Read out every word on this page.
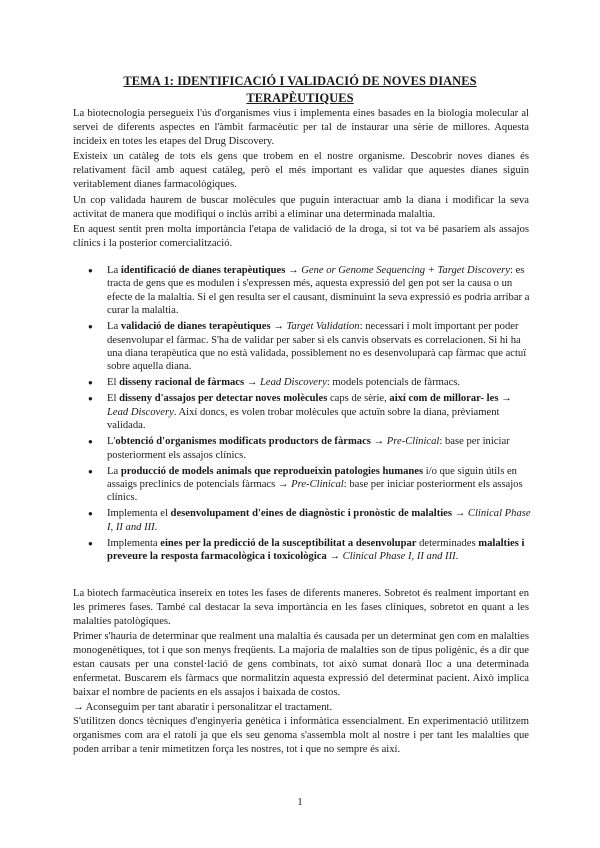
TEMA 1: IDENTIFICACIÓ I VALIDACIÓ DE NOVES DIANES TERAPÈUTIQUES

La biotecnologia persegueix l'ús d'organismes vius i implementa eines basades en la biologia molecular al servei de diferents aspectes en l'àmbit farmacèutic per tal de instaurar una sèrie de millores. Aquesta incideix en totes les etapes del Drug Discovery.

Existeix un catàleg de tots els gens que trobem en el nostre organisme. Descobrir noves dianes és relativament fàcil amb aquest catàleg, però el més important es validar que aquestes dianes siguin veritablement dianes farmacològiques.

Un cop validada haurem de buscar molècules que puguin interactuar amb la diana i modificar la seva activitat de manera que modifiqui o inclús arribi a eliminar una determinada malaltia.

En aquest sentit pren molta importància l'etapa de validació de la droga, si tot va bé pasariem als assajos clínics i la posterior comercialització.

● La identificació de dianes terapèutiques → Gene or Genome Sequencing + Target Discovery: es tracta de gens que es modulen i s'expressen més, aquesta expressió del gen pot ser la causa o un efecte de la malaltia. Si el gen resulta ser el causant, disminuint la seva expressió es podria arribar a curar la malaltia.
● La validació de dianes terapèutiques → Target Validation: necessari i molt important per poder desenvolupar el fàrmac. S'ha de validar per saber si els canvis observats es correlacionen. Si hi ha una diana terapèutica que no està validada, possiblement no es desenvoluparà cap fàrmac que actuï sobre aquella diana.
● El disseny racional de fàrmacs → Lead Discovery: models potencials de fàrmacs.
● El disseny d'assajos per detectar noves molècules caps de sèrie, així com de millorar- les → Lead Discovery. Així doncs, es volen trobar molècules que actuïn sobre la diana, prèviament validada.
● L'obtenció d'organismes modificats productors de fàrmacs → Pre-Clinical: base per iniciar posteriorment els assajos clínics.
● La producció de models animals que reprodueixin patologies humanes i/o que siguin útils en assaigs preclínics de potencials fàrmacs → Pre-Clinical: base per iniciar posteriorment els assajos clínics.
● Implementa el desenvolupament d'eines de diagnòstic i pronòstic de malalties → Clinical Phase I, II and III.
● Implementa eines per la predicció de la susceptibilitat a desenvolupar determinades malalties i preveure la resposta farmacològica i toxicològica → Clinical Phase I, II and III.

La biotech farmacèutica insereix en totes les fases de diferents maneres. Sobretot és realment important en les primeres fases. També cal destacar la seva importància en les fases clíniques, sobretot en quant a les malalties patològiques.

Primer s'hauria de determinar que realment una malaltia és causada per un determinat gen com en malalties monogenètiques, tot i que son menys freqüents. La majoria de malalties son de tipus poligènic, és a dir que estan causats per una constel·lació de gens combinats, tot això sumat donarà lloc a una determinada enfermetat. Buscarem els fàrmacs que normalitzin aquesta expressió del determinat pacient. Això implica baixar el nombre de pacients en els assajos i baixada de costos.

→ Aconseguim per tant abaratir i personalitzar el tractament.

S'utilitzen doncs tècniques d'enginyeria genètica i informàtica essencialment. En experimentació utilitzem organismes com ara el ratolí ja que els seu genoma s'assembla molt al nostre i per tant les malalties que poden arribar a tenir mimetitzen força les nostres, tot i que no sempre és així.

1
